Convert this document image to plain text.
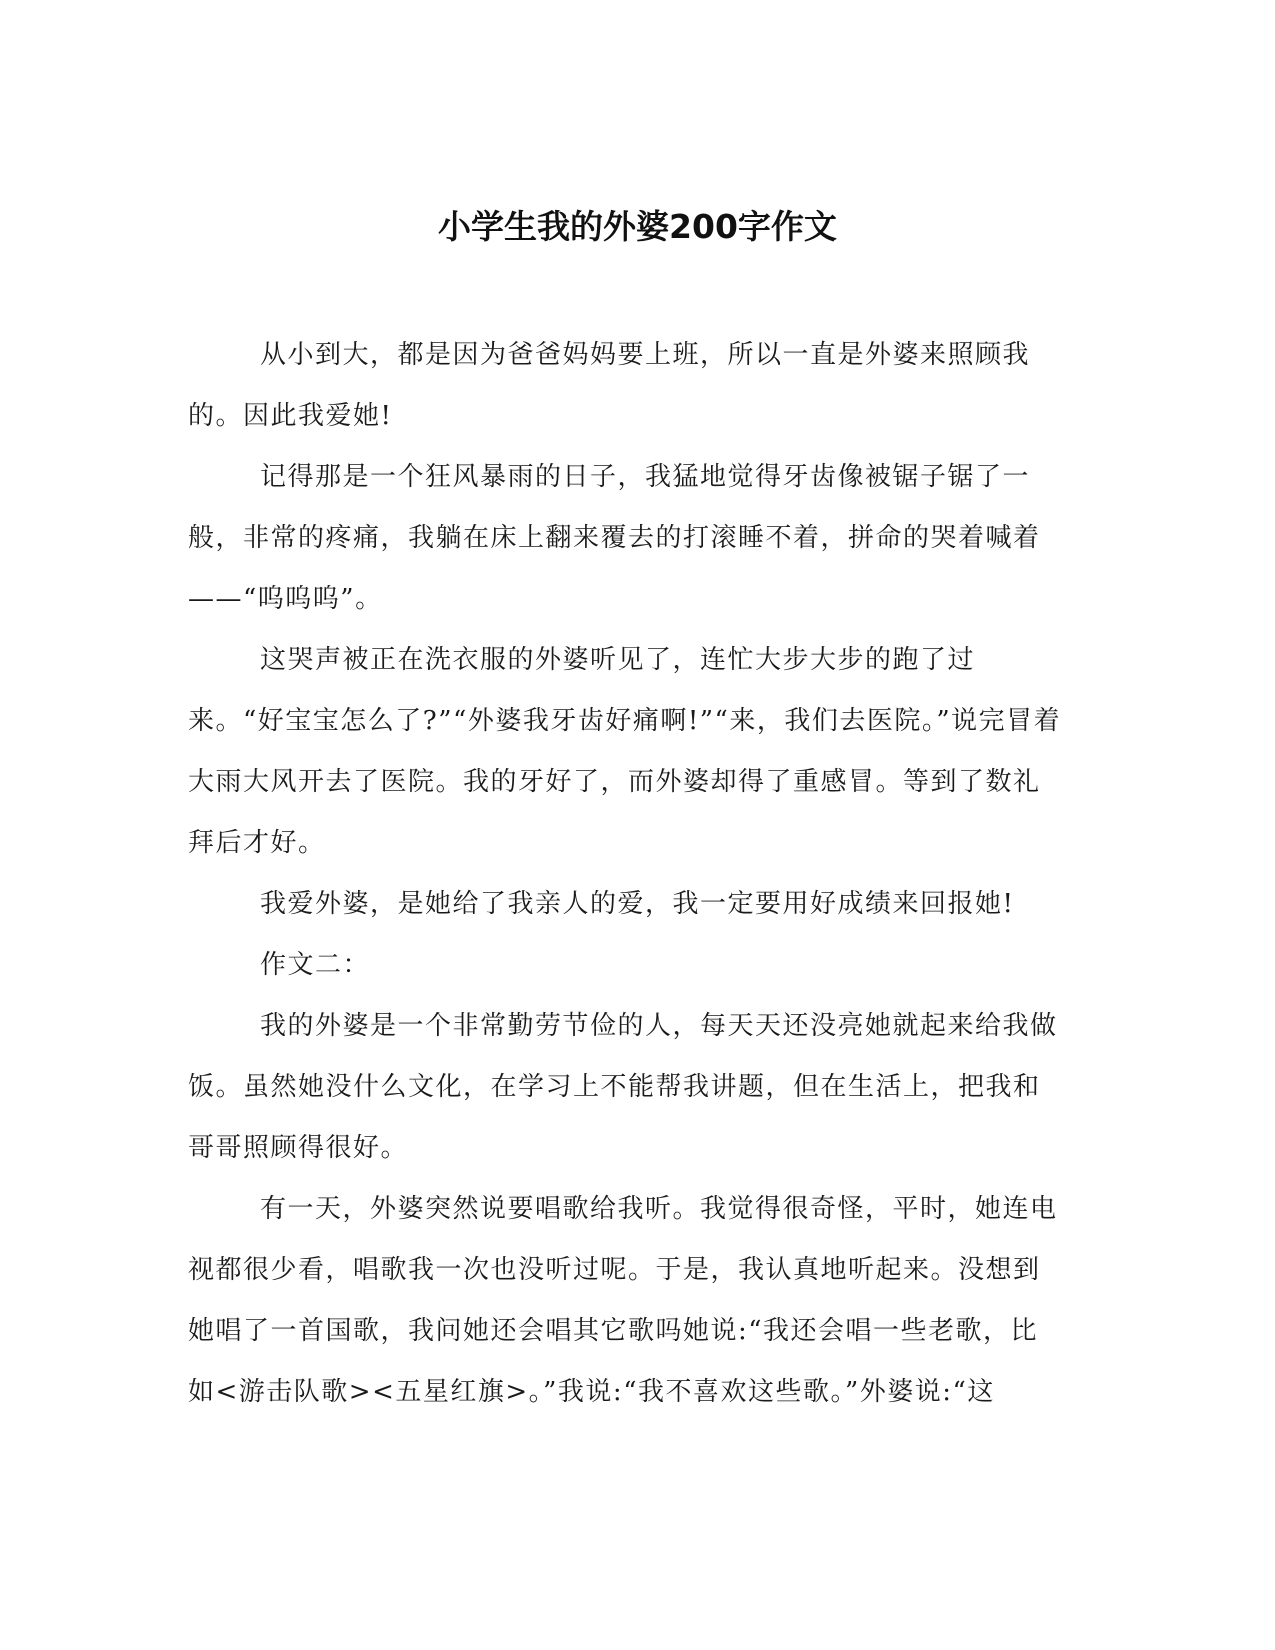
小学生我的外婆200字作文

从小到大，都是因为爸爸妈妈要上班，所以一直是外婆来照顾我的。因此我爱她!

记得那是一个狂风暴雨的日子，我猛地觉得牙齿像被锯子锯了一般，非常的疼痛，我躺在床上翻来覆去的打滚睡不着，拼命的哭着喊着——“呜呜呜”。

这哭声被正在洗衣服的外婆听见了，连忙大步大步的跑了过来。“好宝宝怎么了?”“外婆我牙齿好痛啊!”“来，我们去医院。”说完冒着大雨大风开去了医院。我的牙好了，而外婆却得了重感冒。等到了数礼拜后才好。

我爱外婆，是她给了我亲人的爱，我一定要用好成绩来回报她!

作文二：

我的外婆是一个非常勤劳节俭的人，每天天还没亮她就起来给我做饭。虽然她没什么文化，在学习上不能帮我讲题，但在生活上，把我和哥哥照顾得很好。

有一天，外婆突然说要唱歌给我听。我觉得很奇怪，平时，她连电视都很少看，唱歌我一次也没听过呢。于是，我认真地听起来。没想到她唱了一首国歌，我问她还会唱其它歌吗她说:“我还会唱一些老歌，比如<游击队歌><五星红旗>。”我说:“我不喜欢这些歌。”外婆说:“这
